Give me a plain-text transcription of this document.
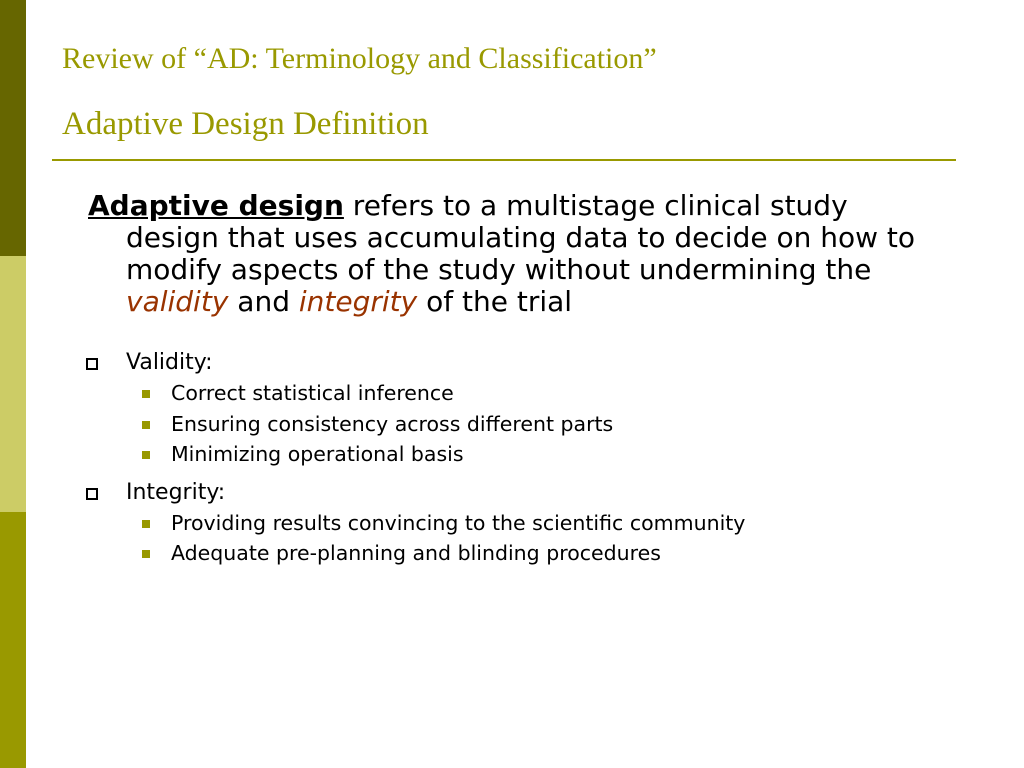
Review of “AD: Terminology and Classification”
Adaptive Design Definition

Adaptive design refers to a multistage clinical study design that uses accumulating data to decide on how to modify aspects of the study without undermining the validity and integrity of the trial

Validity:
Correct statistical inference
Ensuring consistency across different parts
Minimizing operational basis
Integrity:
Providing results convincing to the scientific community
Adequate pre-planning and blinding procedures
